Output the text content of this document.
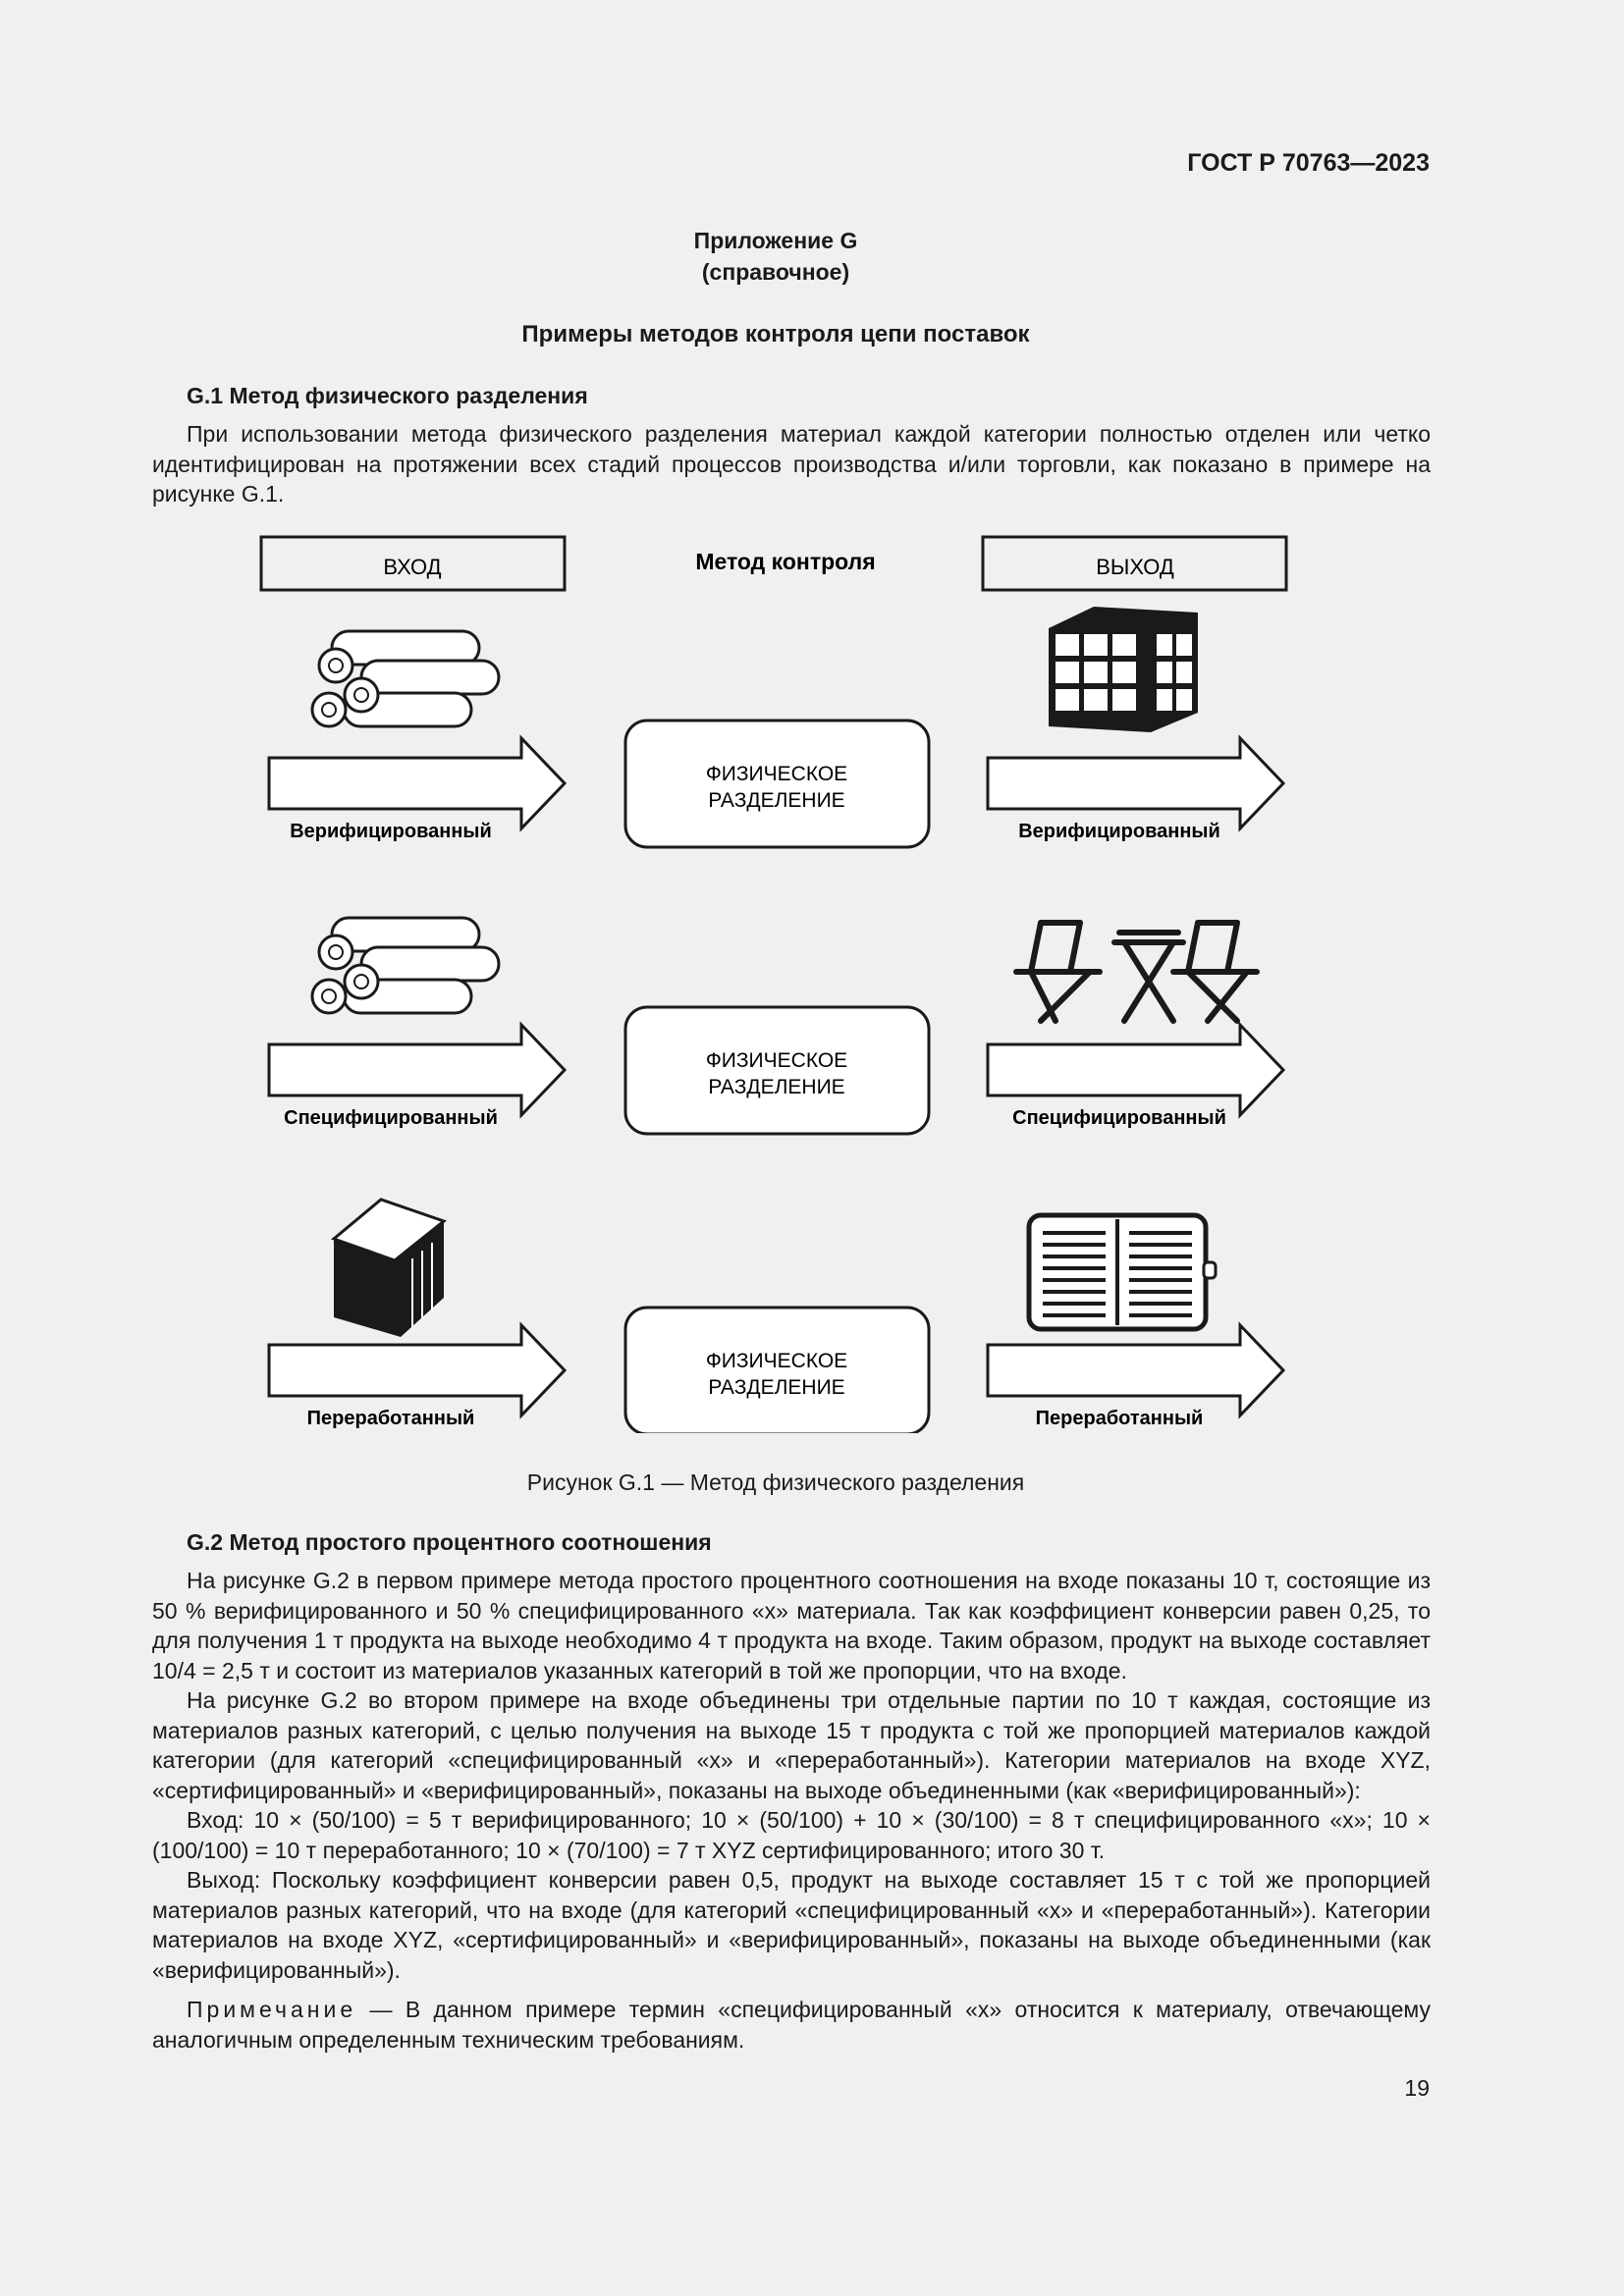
ГОСТ Р 70763—2023
Приложение G
(справочное)
Примеры методов контроля цепи поставок
G.1 Метод физического разделения

При использовании метода физического разделения материал каждой категории полностью отделен или четко идентифицирован на протяжении всех стадий процессов производства и/или торговли, как показано в примере на рисунке G.1.

ВХОД	Метод контроля	ВЫХОД
Верифицированный
ФИЗИЧЕСКОЕ
РАЗДЕЛЕНИЕ
Верифицированный
Специфицированный
ФИЗИЧЕСКОЕ
РАЗДЕЛЕНИЕ
Специфицированный
Переработанный
ФИЗИЧЕСКОЕ
РАЗДЕЛЕНИЕ
Переработанный
Рисунок G.1 — Метод физического разделения
G.2 Метод простого процентного соотношения

На рисунке G.2 в первом примере метода простого процентного соотношения на входе показаны 10 т, состоящие из 50 % верифицированного и 50 % специфицированного «x» материала. Так как коэффициент конверсии равен 0,25, то для получения 1 т продукта на выходе необходимо 4 т продукта на входе. Таким образом, продукт на выходе составляет 10/4 = 2,5 т и состоит из материалов указанных категорий в той же пропорции, что на входе.

На рисунке G.2 во втором примере на входе объединены три отдельные партии по 10 т каждая, состоящие из материалов разных категорий, с целью получения на выходе 15 т продукта с той же пропорцией материалов каждой категории (для категорий «специфицированный «x» и «переработанный»). Категории материалов на входе XYZ, «сертифицированный» и «верифицированный», показаны на выходе объединенными (как «верифицированный»):

Вход: 10 × (50/100) = 5 т верифицированного; 10 × (50/100) + 10 × (30/100) = 8 т специфицированного «x»; 10 × (100/100) = 10 т переработанного; 10 × (70/100) = 7 т XYZ сертифицированного; итого 30 т.

Выход: Поскольку коэффициент конверсии равен 0,5, продукт на выходе составляет 15 т с той же пропорцией материалов разных категорий, что на входе (для категорий «специфицированный «x» и «переработанный»). Категории материалов на входе XYZ, «сертифицированный» и «верифицированный», показаны на выходе объединенными (как «верифицированный»).

Примечание — В данном примере термин «специфицированный «x» относится к материалу, отвечающему аналогичным определенным техническим требованиям.

19
